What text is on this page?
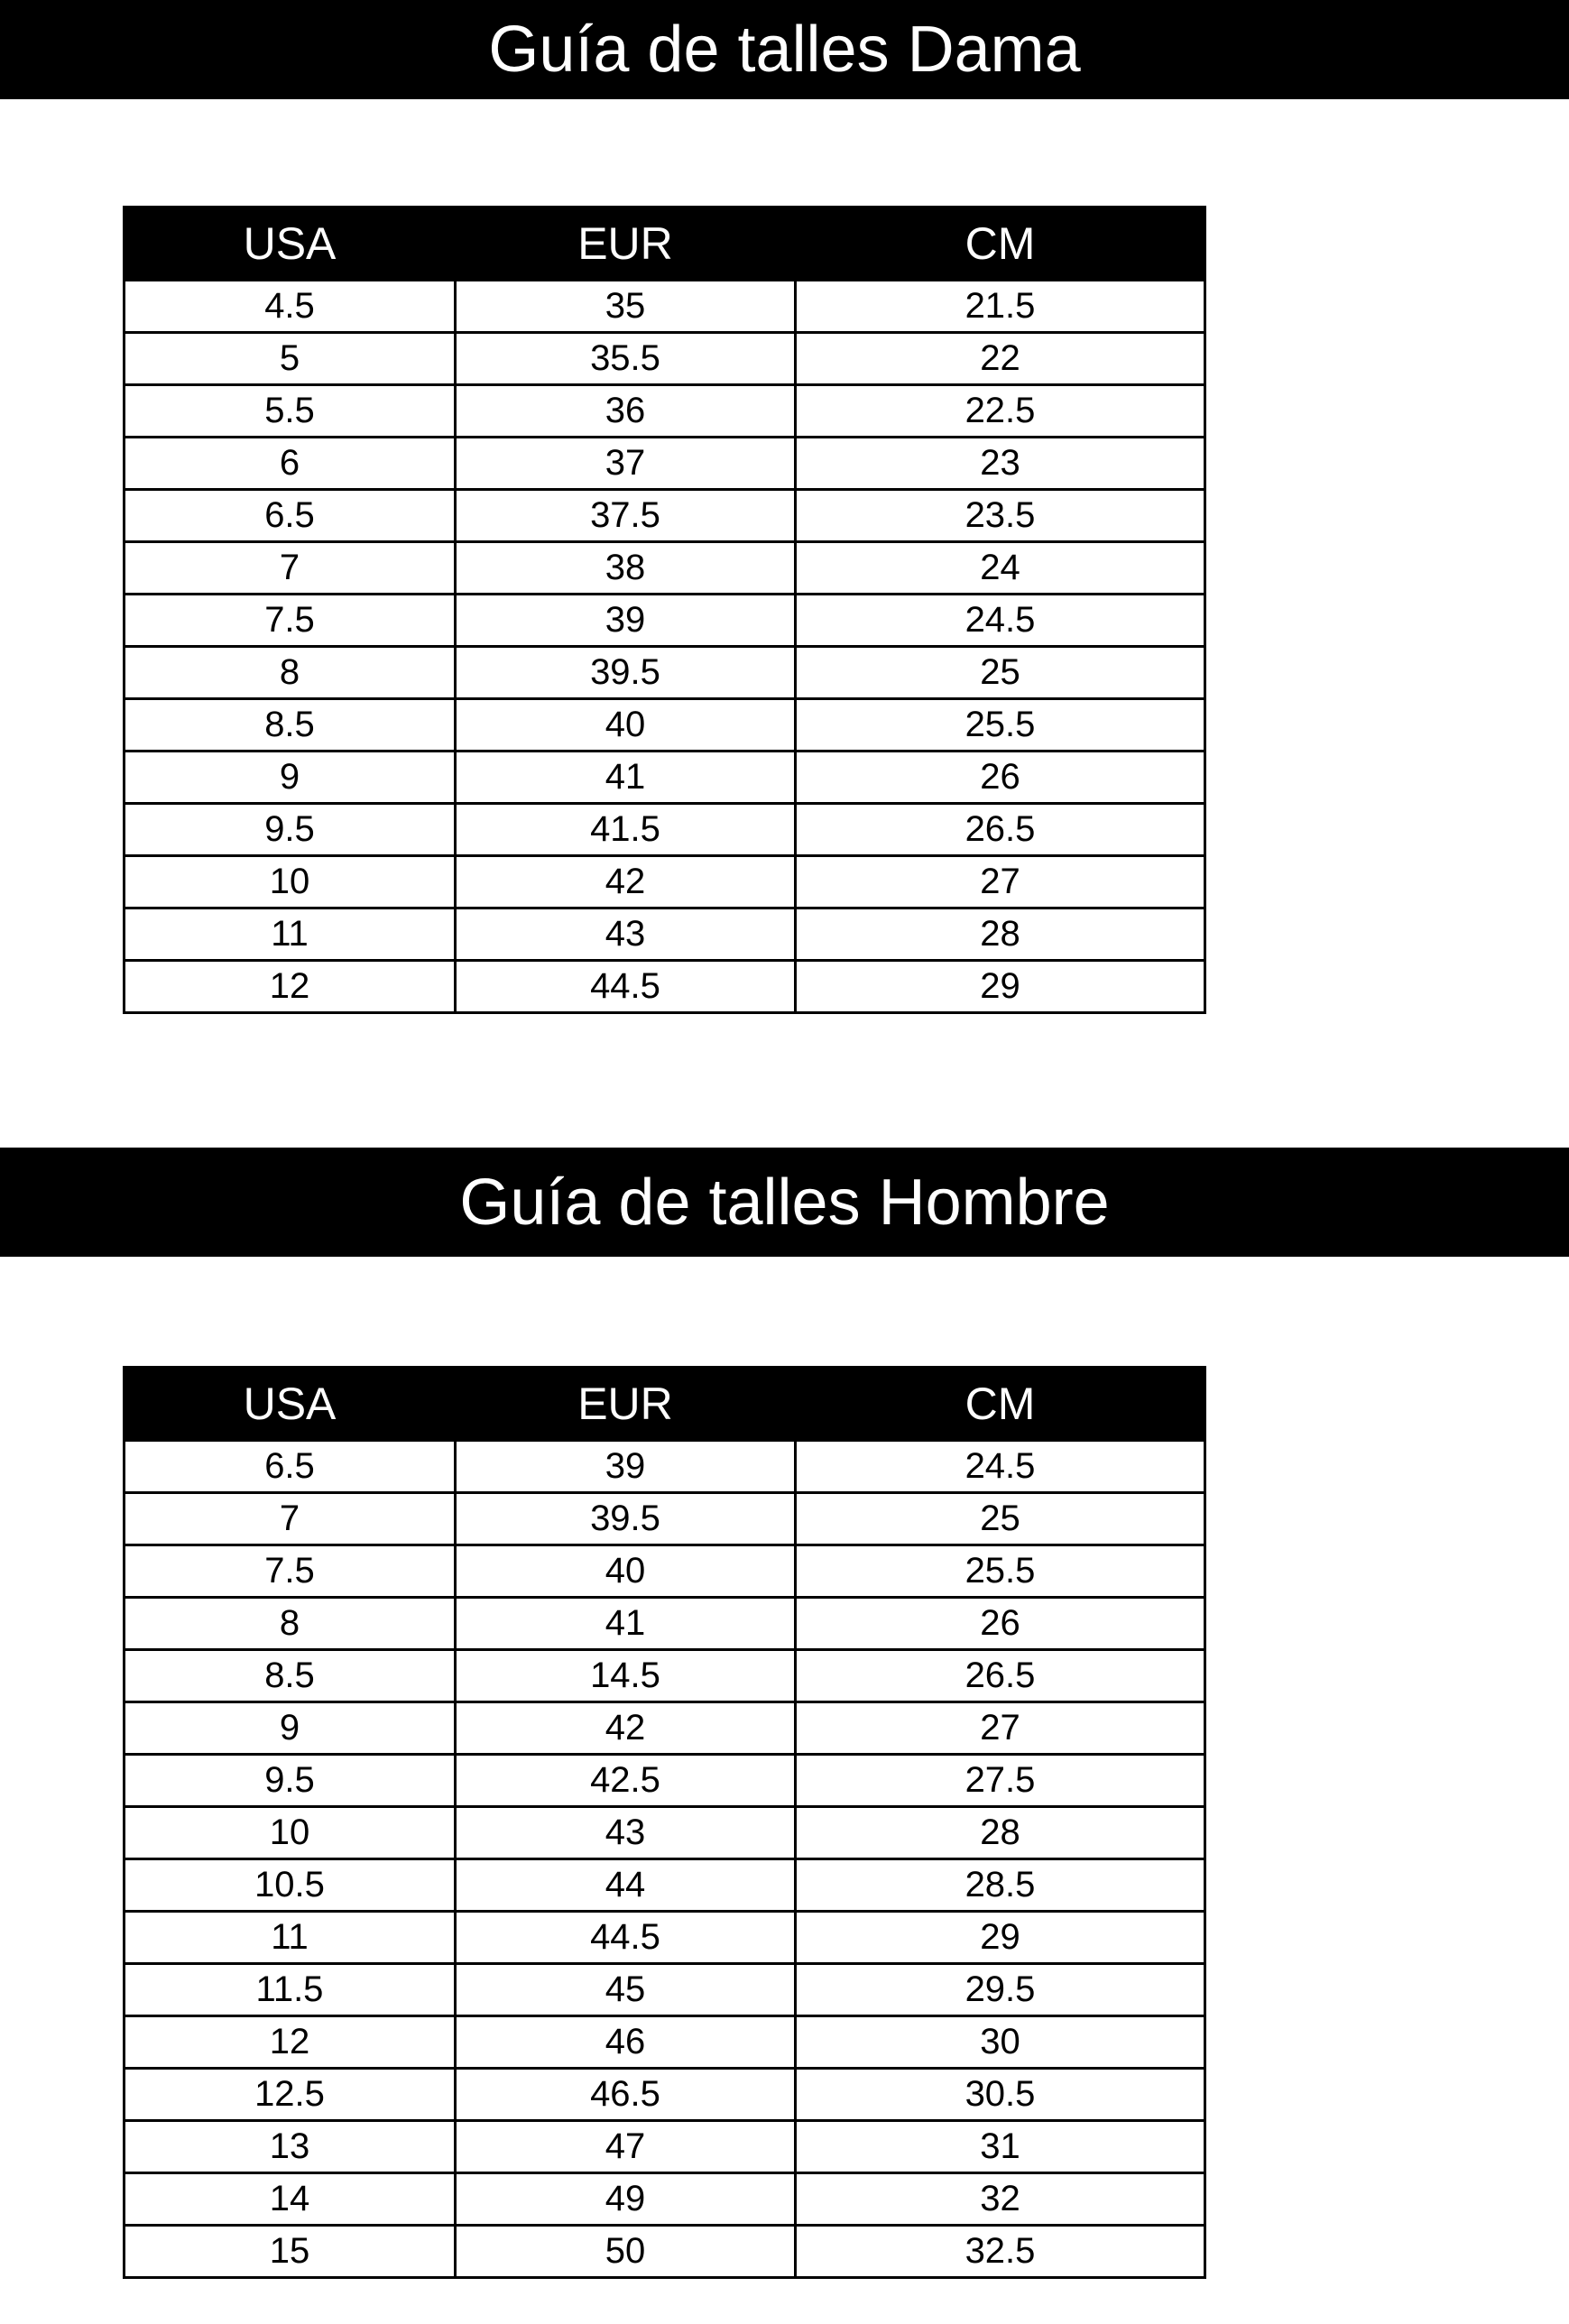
Guía de talles Dama
USA	EUR	CM
4.5	35	21.5
5	35.5	22
5.5	36	22.5
6	37	23
6.5	37.5	23.5
7	38	24
7.5	39	24.5
8	39.5	25
8.5	40	25.5
9	41	26
9.5	41.5	26.5
10	42	27
11	43	28
12	44.5	29
Guía de talles Hombre
USA	EUR	CM
6.5	39	24.5
7	39.5	25
7.5	40	25.5
8	41	26
8.5	14.5	26.5
9	42	27
9.5	42.5	27.5
10	43	28
10.5	44	28.5
11	44.5	29
11.5	45	29.5
12	46	30
12.5	46.5	30.5
13	47	31
14	49	32
15	50	32.5
